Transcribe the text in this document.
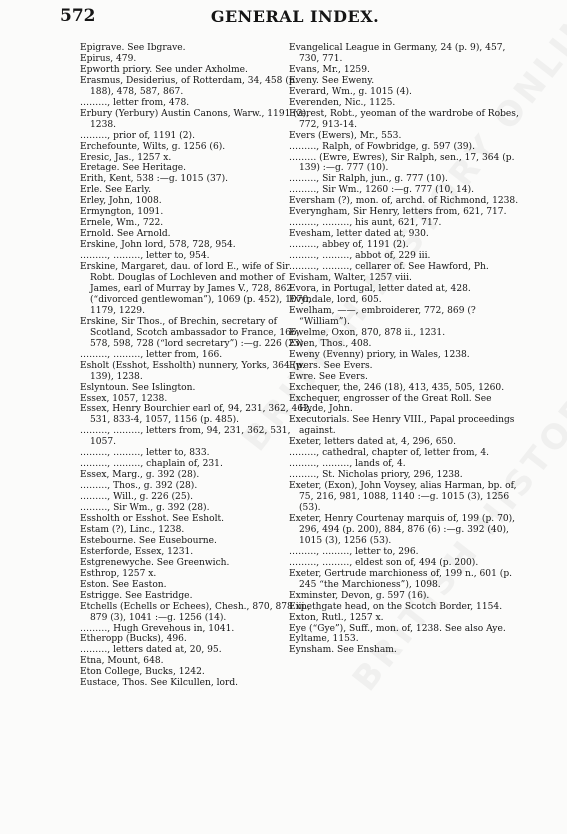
572	GENERAL INDEX.

Epigrave. See Ibgrave.

Epirus, 479.

Epworth priory. See under Axholme.

Erasmus, Desiderius, of Rotterdam, 34, 458 (p. 188), 478, 587, 867.

………, letter from, 478.

Erbury (Yerbury) Austin Canons, Warw., 1191 (2), 1238.

………, prior of, 1191 (2).

Erchefounte, Wilts, g. 1256 (6).

Eresic, Jas., 1257 x.

Eretage. See Heritage.

Erith, Kent, 538 :—g. 1015 (37).

Erle. See Early.

Erley, John, 1008.

Ermyngton, 1091.

Ernele, Wm., 722.

Ernold. See Arnold.

Erskine, John lord, 578, 728, 954.

………, ………, letter to, 954.

Erskine, Margaret, dau. of lord E., wife of Sir Robt. Douglas of Lochleven and mother of James, earl of Murray by James V., 728, 862 (“divorced gentlewoman”), 1069 (p. 452), 1070, 1179, 1229.

Erskine, Sir Thos., of Brechin, secretary of Scotland, Scotch ambassador to France, 166, 578, 598, 728 (“lord secretary”) :—g. 226 (23).

………, ………, letter from, 166.

Esholt (Esshot, Essholth) nunnery, Yorks, 364 (p. 139), 1238.

Eslyntoun. See Islington.

Essex, 1057, 1238.

Essex, Henry Bourchier earl of, 94, 231, 362, 462, 531, 833-4, 1057, 1156 (p. 485).

………, ………, letters from, 94, 231, 362, 531, 1057.

………, ………, letter to, 833.

………, ………, chaplain of, 231.

Essex, Marg., g. 392 (28).

………, Thos., g. 392 (28).

………, Will., g. 226 (25).

………, Sir Wm., g. 392 (28).

Essholth or Esshot. See Esholt.

Estam (?), Linc., 1238.

Estebourne. See Eusebourne.

Esterforde, Essex, 1231.

Estgrenewyche. See Greenwich.

Esthrop, 1257 x.

Eston. See Easton.

Estrigge. See Eastridge.

Etchells (Echells or Echees), Chesh., 870, 878 iii., 879 (3), 1041 :—g. 1256 (14).

………, Hugh Grevehous in, 1041.

Etheropp (Bucks), 496.

………, letters dated at, 20, 95.

Etna, Mount, 648.

Eton College, Bucks, 1242.

Eustace, Thos. See Kilcullen, lord.

Evangelical League in Germany, 24 (p. 9), 457, 730, 771.

Evans, Mr., 1259.

Eveny. See Eweny.

Everard, Wm., g. 1015 (4).

Everenden, Nic., 1125.

Everest, Robt., yeoman of the wardrobe of Robes, 772, 913-14.

Evers (Ewers), Mr., 553.

………, Ralph, of Fowbridge, g. 597 (39).

……… (Ewre, Ewres), Sir Ralph, sen., 17, 364 (p. 139) :—g. 777 (10).

………, Sir Ralph, jun., g. 777 (10).

………, Sir Wm., 1260 :—g. 777 (10, 14).

Eversham (?), mon. of, archd. of Richmond, 1238.

Everyngham, Sir Henry, letters from, 621, 717.

………, ………, his aunt, 621, 717.

Evesham, letter dated at, 930.

………, abbey of, 1191 (2).

………, ………, abbot of, 229 iii.

………, ………, cellarer of. See Hawford, Ph.

Evisham, Walter, 1257 viii.

Evora, in Portugal, letter dated at, 428.

Evyndale, lord, 605.

Ewelham, ——, embroiderer, 772, 869 (? “William”).

Ewelme, Oxon, 870, 878 ii., 1231.

Ewen, Thos., 408.

Eweny (Evenny) priory, in Wales, 1238.

Ewers. See Evers.

Ewre. See Evers.

Exchequer, the, 246 (18), 413, 435, 505, 1260.

Exchequer, engrosser of the Great Roll. See Hyde, John.

Executorials. See Henry VIII., Papal proceedings against.

Exeter, letters dated at, 4, 296, 650.

………, cathedral, chapter of, letter from, 4.

………, ………, lands of, 4.

………, St. Nicholas priory, 296, 1238.

Exeter, (Exon), John Voysey, alias Harman, bp. of, 75, 216, 981, 1088, 1140 :—g. 1015 (3), 1256 (53).

Exeter, Henry Courtenay marquis of, 199 (p. 70), 296, 494 (p. 200), 884, 876 (6) :—g. 392 (40), 1015 (3), 1256 (53).

………, ………, letter to, 296.

………, ………, eldest son of, 494 (p. 200).

Exeter, Gertrude marchioness of, 199 n., 601 (p. 245 “the Marchioness”), 1098.

Exminster, Devon, g. 597 (16).

Expethgate head, on the Scotch Border, 1154.

Exton, Rutl., 1257 x.

Eye (“Gye”), Suff., mon. of, 1238. See also Aye.

Eyltame, 1153.

Eynsham. See Ensham.
